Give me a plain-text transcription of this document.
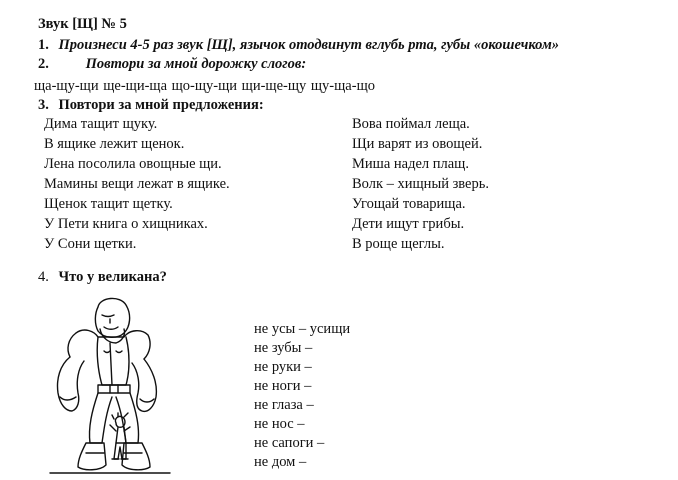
Звук [Щ] № 5
1. Произнеси 4-5 раз звук [Щ], язычок отодвинут вглубь рта, губы «окошечком»
2.	Повтори за мной дорожку слогов:
ща-щу-щи ще-щи-ща що-щу-щи щи-ще-щу щу-ща-що
3. Повтори за мной предложения:
Дима тащит щуку.
В ящике лежит щенок.
Лена посолила овощные щи.
Мамины вещи лежат в ящике.
Щенок тащит щетку.
У Пети книга о хищниках.
У Сони щетки.
Вова поймал леща.
Щи варят из овощей.
Миша надел плащ.
Волк – хищный зверь.
Угощай товарища.
Дети ищут грибы.
В роще щеглы.
4. Что у великана?
не усы – усищи
не зубы –
не руки –
не ноги –
не глаза –
не нос –
не сапоги –
не дом –
